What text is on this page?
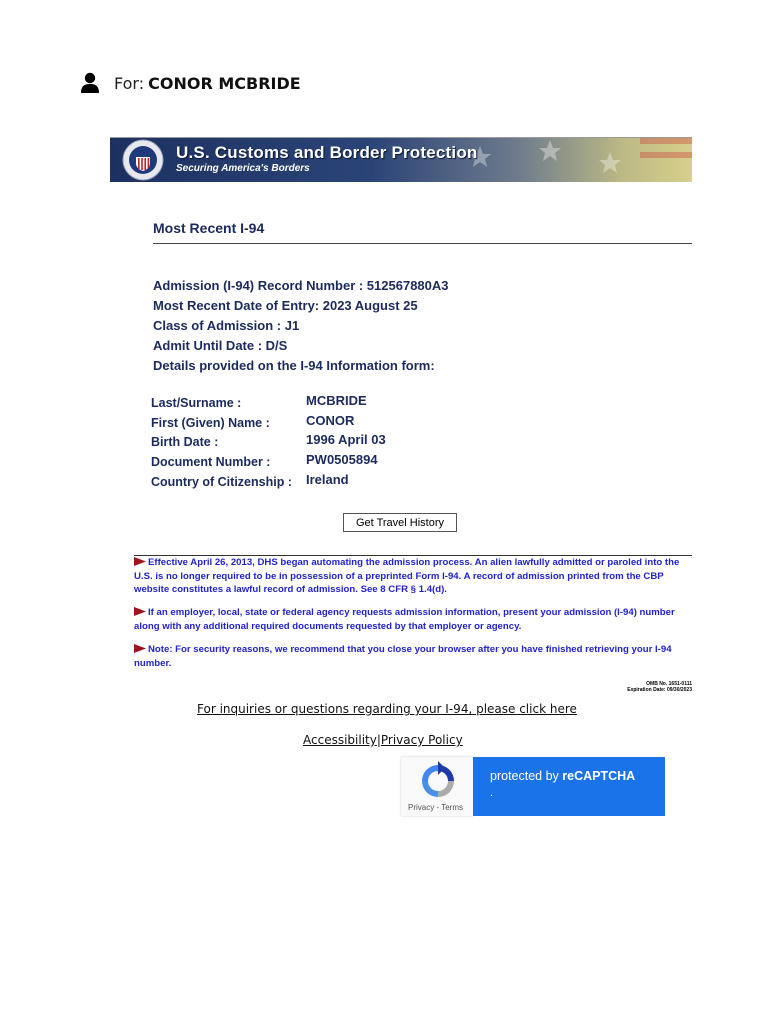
For: CONOR MCBRIDE
U.S. Customs and Border Protection
Securing America's Borders
Most Recent I-94
Admission (I-94) Record Number : 512567880A3
Most Recent Date of Entry: 2023 August 25
Class of Admission : J1
Admit Until Date : D/S
Details provided on the I-94 Information form:
Last/Surname :	MCBRIDE
First (Given) Name :	CONOR
Birth Date :	1996 April 03
Document Number :	PW0505894
Country of Citizenship : Ireland
Get Travel History
Effective April 26, 2013, DHS began automating the admission process. An alien lawfully admitted or paroled into the U.S. is no longer required to be in possession of a preprinted Form I-94. A record of admission printed from the CBP website constitutes a lawful record of admission. See 8 CFR § 1.4(d).
If an employer, local, state or federal agency requests admission information, present your admission (I-94) number along with any additional required documents requested by that employer or agency.
Note: For security reasons, we recommend that you close your browser after you have finished retrieving your I-94 number.
OMB No. 1651-0111
Expiration Date: 09/30/2023
For inquiries or questions regarding your I-94, please click here
Accessibility|Privacy Policy
Privacy - Terms
protected by reCAPTCHA
.
